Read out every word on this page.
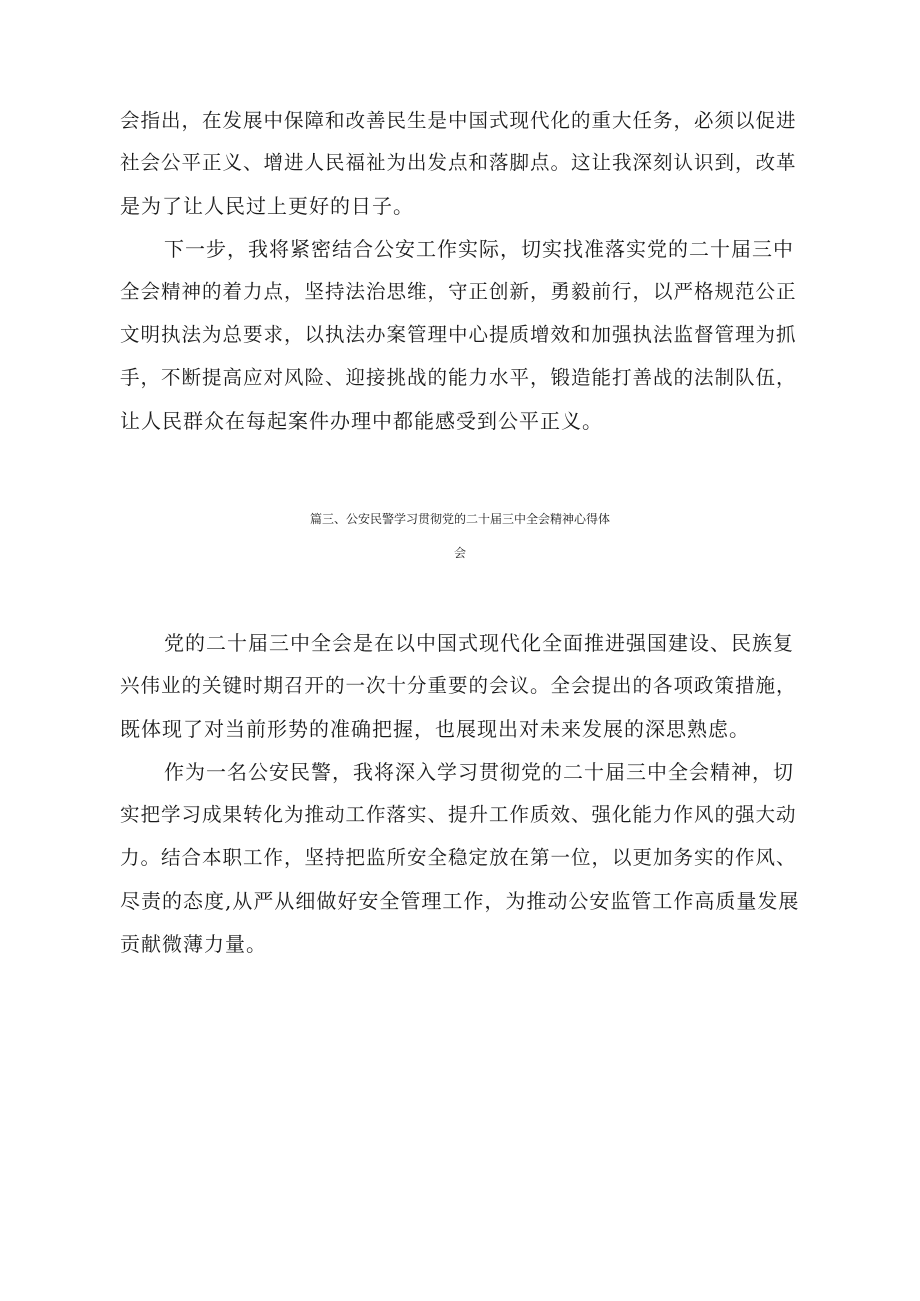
会指出，在发展中保障和改善民生是中国式现代化的重大任务，必须以促进
社会公平正义、增进人民福祉为出发点和落脚点。这让我深刻认识到，改革
是为了让人民过上更好的日子。
下一步，我将紧密结合公安工作实际，切实找准落实党的二十届三中
全会精神的着力点，坚持法治思维，守正创新，勇毅前行，以严格规范公正
文明执法为总要求，以执法办案管理中心提质增效和加强执法监督管理为抓
手，不断提高应对风险、迎接挑战的能力水平，锻造能打善战的法制队伍，
让人民群众在每起案件办理中都能感受到公平正义。
篇三、公安民警学习贯彻党的二十届三中全会精神心得体
会
党的二十届三中全会是在以中国式现代化全面推进强国建设、民族复
兴伟业的关键时期召开的一次十分重要的会议。全会提出的各项政策措施，
既体现了对当前形势的准确把握，也展现出对未来发展的深思熟虑。
作为一名公安民警，我将深入学习贯彻党的二十届三中全会精神，切
实把学习成果转化为推动工作落实、提升工作质效、强化能力作风的强大动
力。结合本职工作，坚持把监所安全稳定放在第一位，以更加务实的作风、
尽责的态度,从严从细做好安全管理工作，为推动公安监管工作高质量发展
贡献微薄力量。
